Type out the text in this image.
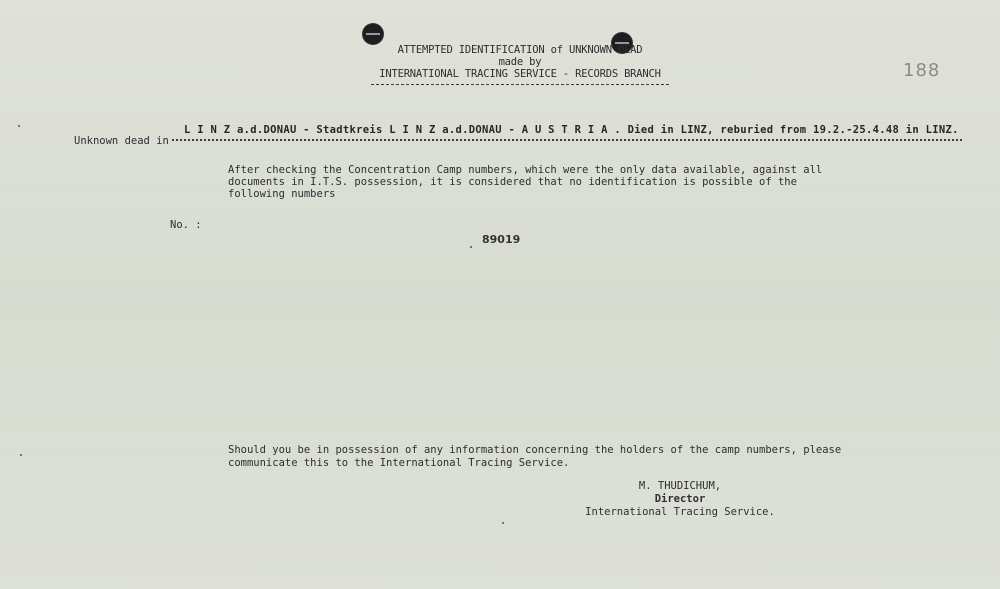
ATTEMPTED IDENTIFICATION of UNKNOWN DEAD
made by
INTERNATIONAL TRACING SERVICE - RECORDS BRANCH	188
Unknown dead in
L I N Z a.d.DONAU - Stadtkreis L I N Z a.d.DONAU - A U S T R I A . Died in LINZ, reburied from 19.2.-25.4.48 in LINZ.
After checking the Concentration Camp numbers, which were the only data available, against all documents in I.T.S. possession, it is considered that no identification is possible of the following numbers
No. :
89019
Should you be in possession of any information concerning the holders of the camp numbers, please communicate this to the International Tracing Service.
M. THUDICHUM,
Director
International Tracing Service.
